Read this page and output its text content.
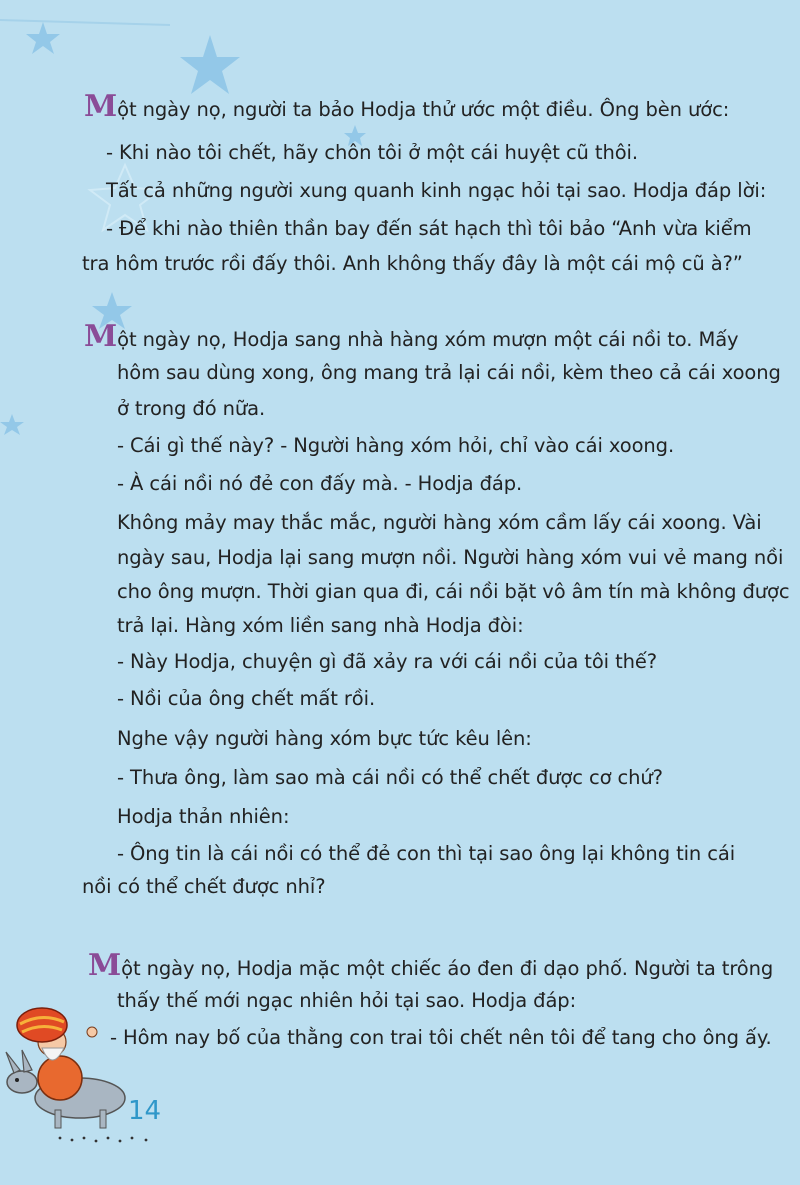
Một ngày nọ, người ta bảo Hodja thử ước một điều. Ông bèn ước:
- Khi nào tôi chết, hãy chôn tôi ở một cái huyệt cũ thôi.
Tất cả những người xung quanh kinh ngạc hỏi tại sao. Hodja đáp lời:
- Để khi nào thiên thần bay đến sát hạch thì tôi bảo “Anh vừa kiểm
tra hôm trước rồi đấy thôi. Anh không thấy đây là một cái mộ cũ à?”
Một ngày nọ, Hodja sang nhà hàng xóm mượn một cái nồi to. Mấy
hôm sau dùng xong, ông mang trả lại cái nồi, kèm theo cả cái xoong
ở trong đó nữa.
- Cái gì thế này? - Người hàng xóm hỏi, chỉ vào cái xoong.
- À cái nồi nó đẻ con đấy mà. - Hodja đáp.
Không mảy may thắc mắc, người hàng xóm cầm lấy cái xoong. Vài
ngày sau, Hodja lại sang mượn nồi. Người hàng xóm vui vẻ mang nồi
cho ông mượn. Thời gian qua đi, cái nồi bặt vô âm tín mà không được
trả lại. Hàng xóm liền sang nhà Hodja đòi:
- Này Hodja, chuyện gì đã xảy ra với cái nồi của tôi thế?
- Nồi của ông chết mất rồi.
Nghe vậy người hàng xóm bực tức kêu lên:
- Thưa ông, làm sao mà cái nồi có thể chết được cơ chứ?
Hodja thản nhiên:
- Ông tin là cái nồi có thể đẻ con thì tại sao ông lại không tin cái
nồi có thể chết được nhỉ?
Một ngày nọ, Hodja mặc một chiếc áo đen đi dạo phố. Người ta trông
thấy thế mới ngạc nhiên hỏi tại sao. Hodja đáp:
- Hôm nay bố của thằng con trai tôi chết nên tôi để tang cho ông ấy.
14
